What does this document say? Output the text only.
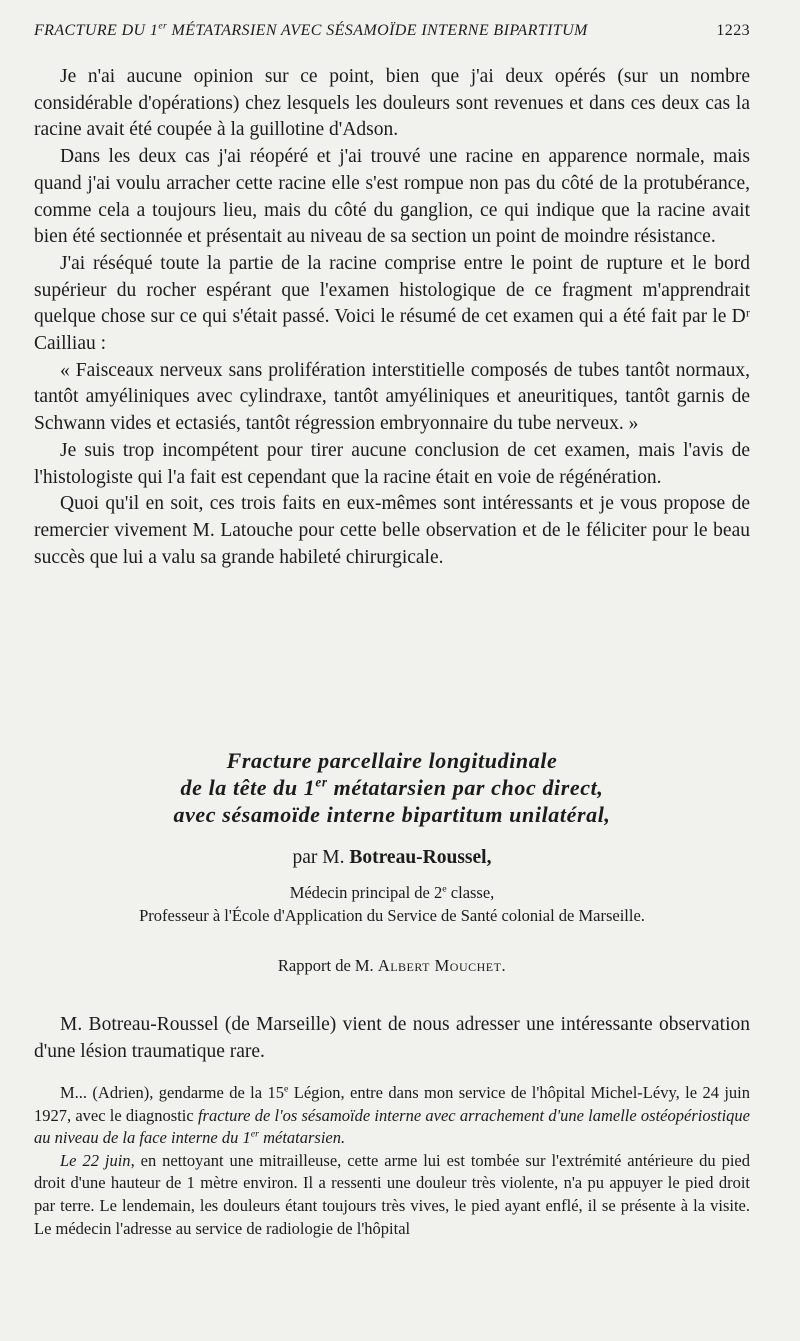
FRACTURE DU 1er MÉTATARSIEN AVEC SÉSAMOÏDE INTERNE BIPARTITUM	1223

Je n'ai aucune opinion sur ce point, bien que j'ai deux opérés (sur un nombre considérable d'opérations) chez lesquels les douleurs sont revenues et dans ces deux cas la racine avait été coupée à la guillotine d'Adson.

Dans les deux cas j'ai réopéré et j'ai trouvé une racine en apparence normale, mais quand j'ai voulu arracher cette racine elle s'est rompue non pas du côté de la protubérance, comme cela a toujours lieu, mais du côté du ganglion, ce qui indique que la racine avait bien été sectionnée et présentait au niveau de sa section un point de moindre résistance.

J'ai réséqué toute la partie de la racine comprise entre le point de rupture et le bord supérieur du rocher espérant que l'examen histologique de ce fragment m'apprendrait quelque chose sur ce qui s'était passé. Voici le résumé de cet examen qui a été fait par le Dʳ Cailliau :

« Faisceaux nerveux sans prolifération interstitielle composés de tubes tantôt normaux, tantôt amyéliniques avec cylindraxe, tantôt amyéliniques et aneuritiques, tantôt garnis de Schwann vides et ectasiés, tantôt régression embryonnaire du tube nerveux. »

Je suis trop incompétent pour tirer aucune conclusion de cet examen, mais l'avis de l'histologiste qui l'a fait est cependant que la racine était en voie de régénération.

Quoi qu'il en soit, ces trois faits en eux-mêmes sont intéressants et je vous propose de remercier vivement M. Latouche pour cette belle observation et de le féliciter pour le beau succès que lui a valu sa grande habileté chirurgicale.

Fracture parcellaire longitudinale
de la tête du 1er métatarsien par choc direct,
avec sésamoïde interne bipartitum unilatéral,
par M. Botreau-Roussel,
Médecin principal de 2e classe,
Professeur à l'École d'Application du Service de Santé colonial de Marseille.
Rapport de M. Albert Mouchet.

M. Botreau-Roussel (de Marseille) vient de nous adresser une intéressante observation d'une lésion traumatique rare.

M... (Adrien), gendarme de la 15e Légion, entre dans mon service de l'hôpital Michel-Lévy, le 24 juin 1927, avec le diagnostic fracture de l'os sésamoïde interne avec arrachement d'une lamelle ostéopériostique au niveau de la face interne du 1er métatarsien.

Le 22 juin, en nettoyant une mitrailleuse, cette arme lui est tombée sur l'extrémité antérieure du pied droit d'une hauteur de 1 mètre environ. Il a ressenti une douleur très violente, n'a pu appuyer le pied droit par terre. Le lendemain, les douleurs étant toujours très vives, le pied ayant enflé, il se présente à la visite. Le médecin l'adresse au service de radiologie de l'hôpital
